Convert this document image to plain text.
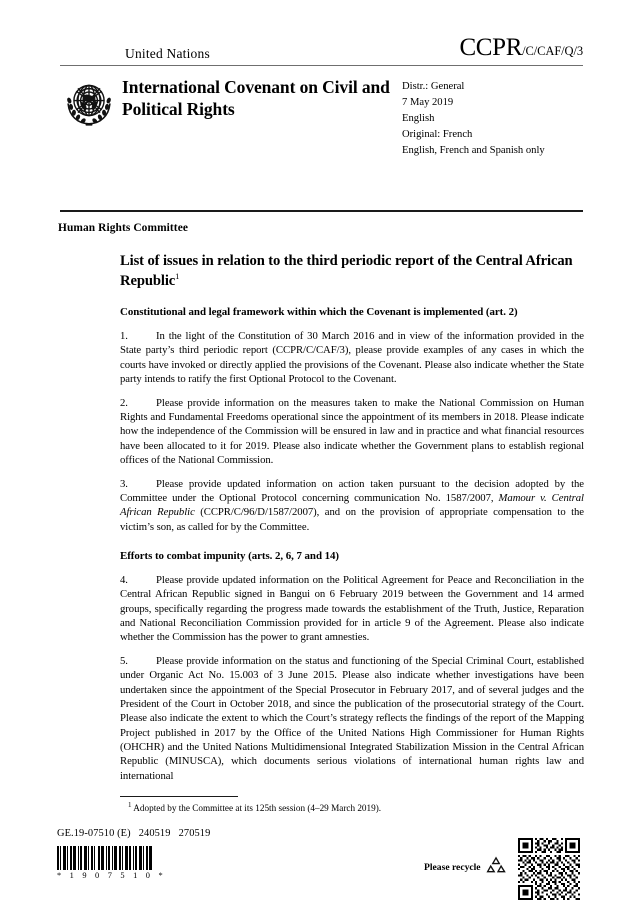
United Nations	CCPR /C/CAF/Q/3
International Covenant on Civil and Political Rights
Distr.: General
7 May 2019
English
Original: French
English, French and Spanish only
Human Rights Committee
List of issues in relation to the third periodic report of the Central African Republic$^1$
Constitutional and legal framework within which the Covenant is implemented (art. 2)

1.	In the light of the Constitution of 30 March 2016 and in view of the information provided in the State party’s third periodic report (CCPR/C/CAF/3), please provide examples of any cases in which the courts have invoked or directly applied the provisions of the Covenant. Please also indicate whether the State party intends to ratify the first Optional Protocol to the Covenant.

2.	Please provide information on the measures taken to make the National Commission on Human Rights and Fundamental Freedoms operational since the appointment of its members in 2018. Please indicate how the independence of the Commission will be ensured in law and in practice and what financial resources have been allocated to it for 2019. Please also indicate whether the Government plans to establish regional offices of the National Commission.

3.	Please provide updated information on action taken pursuant to the decision adopted by the Committee under the Optional Protocol concerning communication No. 1587/2007, Mamour v. Central African Republic (CCPR/C/96/D/1587/2007), and on the provision of appropriate compensation to the victim’s son, as called for by the Committee.

Efforts to combat impunity (arts. 2, 6, 7 and 14)

4.	Please provide updated information on the Political Agreement for Peace and Reconciliation in the Central African Republic signed in Bangui on 6 February 2019 between the Government and 14 armed groups, specifically regarding the progress made towards the establishment of the Truth, Justice, Reparation and National Reconciliation Commission provided for in article 9 of the Agreement. Please also indicate whether the Commission has the power to grant amnesties.

5.	Please provide information on the status and functioning of the Special Criminal Court, established under Organic Act No. 15.003 of 3 June 2015. Please also indicate whether investigations have been undertaken since the appointment of the Special Prosecutor in February 2017, and of several judges and the President of the Court in October 2018, and since the publication of the prosecutorial strategy of the Court. Please also indicate the extent to which the Court’s strategy reflects the findings of the report of the Mapping Project published in 2017 by the Office of the United Nations High Commissioner for Human Rights (OHCHR) and the United Nations Multidimensional Integrated Stabilization Mission in the Central African Republic (MINUSCA), which documents serious violations of international human rights law and international

$^1$ Adopted by the Committee at its 125th session (4–29 March 2019).
GE.19-07510 (E) 240519   270519
* 1 9 0 7 5 1 0 *
Please recycle
